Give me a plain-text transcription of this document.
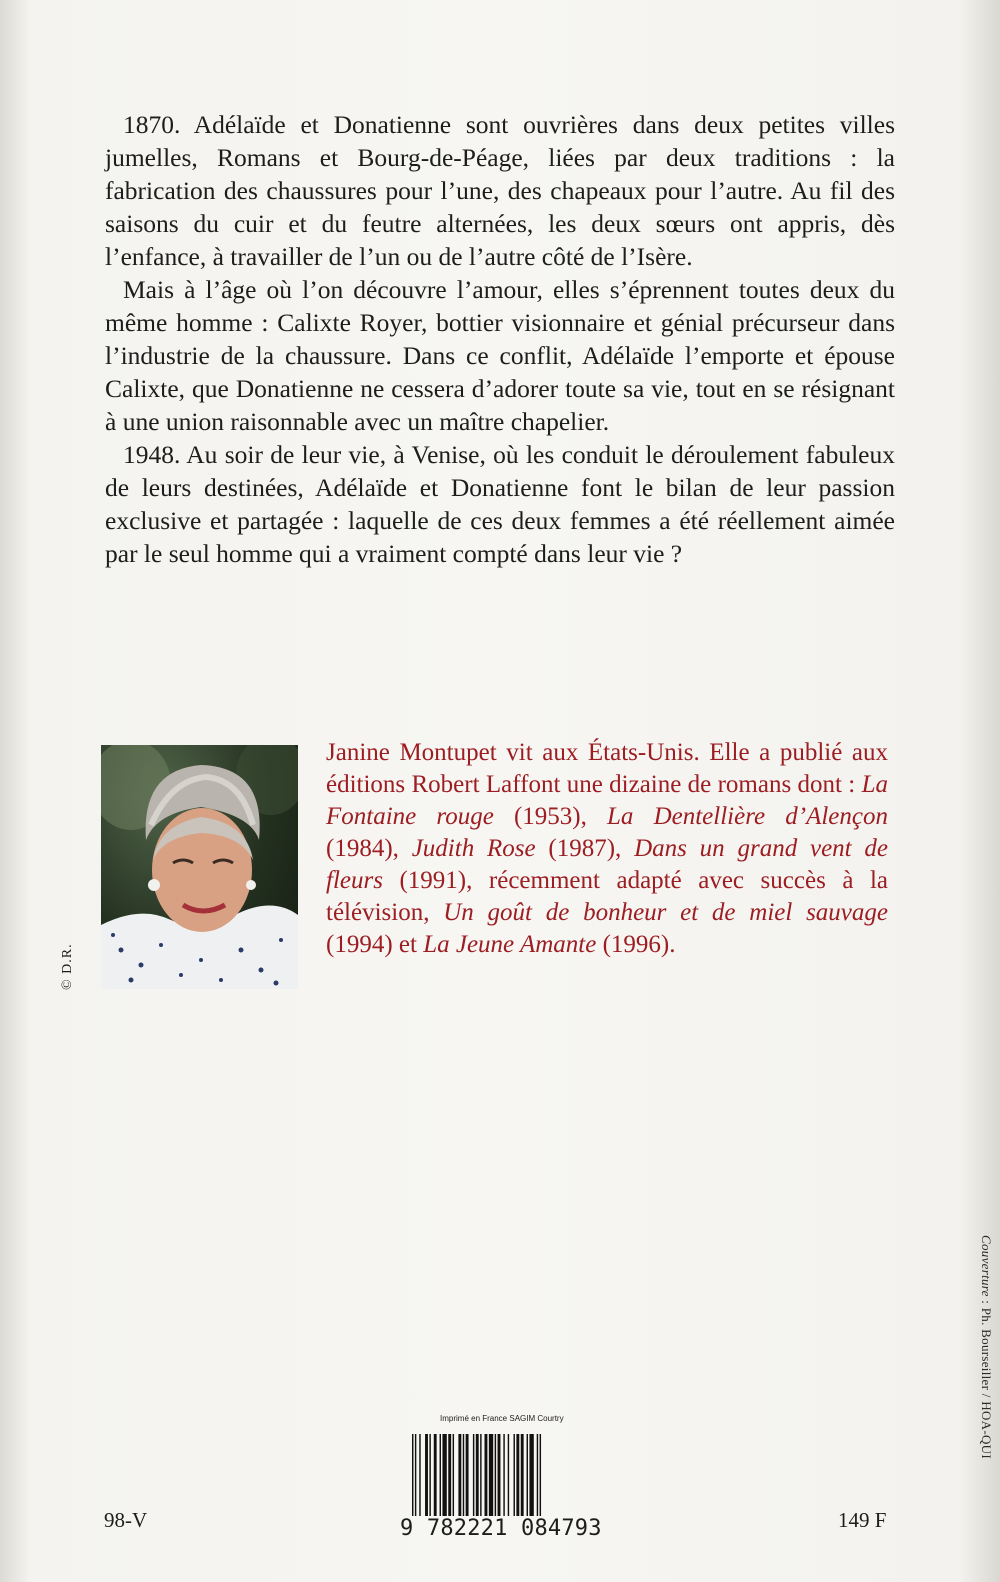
1870. Adélaïde et Donatienne sont ouvrières dans deux petites villes jumelles, Romans et Bourg-de-Péage, liées par deux traditions : la fabrication des chaussures pour l’une, des chapeaux pour l’autre. Au fil des saisons du cuir et du feutre alternées, les deux sœurs ont appris, dès l’enfance, à travailler de l’un ou de l’autre côté de l’Isère.

Mais à l’âge où l’on découvre l’amour, elles s’éprennent toutes deux du même homme : Calixte Royer, bottier visionnaire et génial précurseur dans l’industrie de la chaussure. Dans ce conflit, Adélaïde l’emporte et épouse Calixte, que Donatienne ne cessera d’adorer toute sa vie, tout en se résignant à une union raisonnable avec un maître chapelier.

1948. Au soir de leur vie, à Venise, où les conduit le déroulement fabuleux de leurs destinées, Adélaïde et Donatienne font le bilan de leur passion exclusive et partagée : laquelle de ces deux femmes a été réellement aimée par le seul homme qui a vraiment compté dans leur vie ?

© D.R.
Janine Montupet vit aux États-Unis. Elle a publié aux éditions Robert Laffont une dizaine de romans dont : La Fontaine rouge (1953), La Dentellière d’Alençon (1984), Judith Rose (1987), Dans un grand vent de fleurs (1991), récemment adapté avec succès à la télévision, Un goût de bonheur et de miel sauvage (1994) et La Jeune Amante (1996).
Couverture : Ph. Bourseiller / HOA-QUI
Imprimé en France SAGIM Courtry
9 782221 084793
98-V	149 F
